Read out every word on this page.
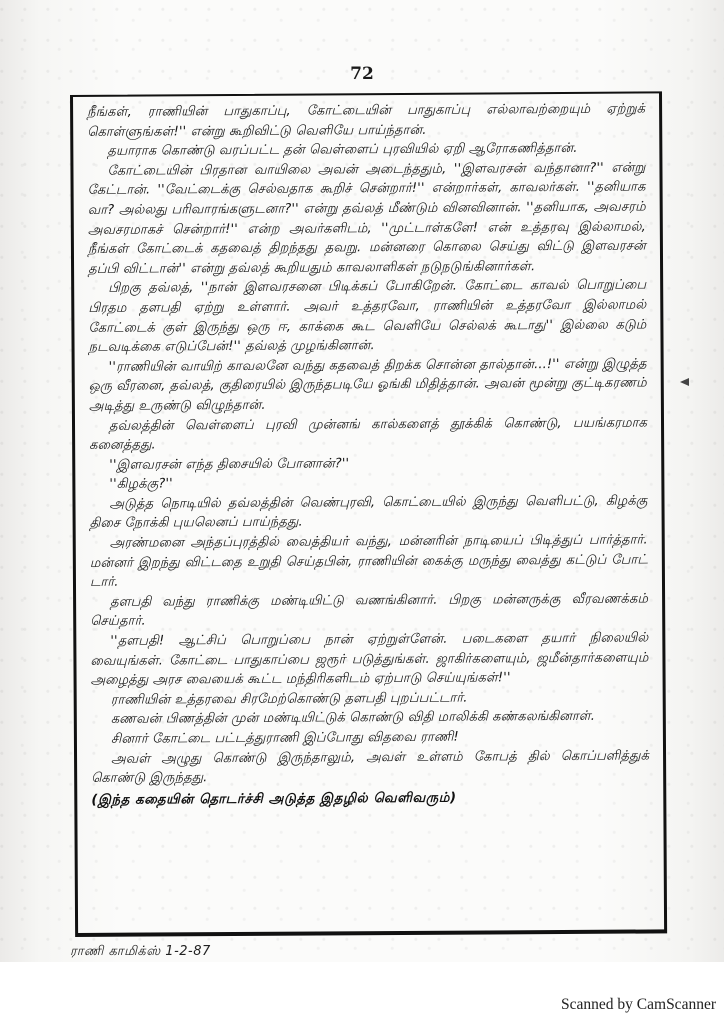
72

நீங்கள், ராணியின் பாதுகாப்பு, கோட்டையின் பாதுகாப்பு எல்லாவற்றையும் ஏற்றுக் கொள்ளுங்கள்!'' என்று கூறிவிட்டு வெளியே பாய்ந்தான்.

தயாராக கொண்டு வரப்பட்ட தன் வெள்ளைப் புரவியில் ஏறி ஆரோகணித்தான்.

கோட்டையின் பிரதான வாயிலை அவன் அடைந்ததும், ''இளவரசன் வந்தானா?'' என்று கேட்டான். ''வேட்டைக்கு செல்வதாக கூறிச் சென்றார்!'' என்றார்கள், காவலர்கள். ''தனியாக வா? அல்லது பரிவாரங்களுடனா?'' என்று தவ்லத் மீண்டும் வினவினான். ''தனியாக, அவசரம் அவசரமாகச் சென்றார்!'' என்ற அவர்களிடம், ''முட்டாள்களே! என் உத்தரவு இல்லாமல், நீங்கள் கோட்டைக் கதவைத் திறந்தது தவறு. மன்னரை கொலை செய்து விட்டு இளவரசன் தப்பி விட்டான்'' என்று தவ்லத் கூறியதும் காவலாளிகள் நடுநடுங்கினார்கள்.

பிறகு தவ்லத், ''நான் இளவரசனை பிடிக்கப் போகிறேன். கோட்டை காவல் பொறுப்பை பிரதம தளபதி ஏற்று உள்ளார். அவர் உத்தரவோ, ராணியின் உத்தரவோ இல்லாமல் கோட்டைக் குள் இருந்து ஒரு ஈ, காக்கை கூட வெளியே செல்லக் கூடாது'' இல்லை கடும் நடவடிக்கை எடுப்பேன்!'' தவ்லத் முழங்கினான்.

''ராணியின் வாயிற் காவலனே வந்து கதவைத் திறக்க சொன்ன தால்தான்...!'' என்று இழுத்த ஒரு வீரனை, தவ்லத், குதிரையில் இருந்தபடியே ஓங்கி மிதித்தான். அவன் மூன்று குட்டிகரணம் அடித்து உருண்டு விழுந்தான்.

தவ்லத்தின் வெள்ளைப் புரவி முன்னங் கால்களைத் தூக்கிக் கொண்டு, பயங்கரமாக கனைத்தது.

''இளவரசன் எந்த திசையில் போனான்?''

''கிழக்கு?''

அடுத்த நொடியில் தவ்லத்தின் வெண்புரவி, கொட்டையில் இருந்து வெளிபட்டு, கிழக்கு திசை நோக்கி புயலெனப் பாய்ந்தது.

அரண்மனை அந்தப்புரத்தில் வைத்தியர் வந்து, மன்னரின் நாடியைப் பிடித்துப் பார்த்தார். மன்னர் இறந்து விட்டதை உறுதி செய்தபின், ராணியின் கைக்கு மருந்து வைத்து கட்டுப் போட் டார்.

தளபதி வந்து ராணிக்கு மண்டியிட்டு வணங்கினார். பிறகு மன்னருக்கு வீரவணக்கம் செய்தார்.

''தளபதி! ஆட்சிப் பொறுப்பை நான் ஏற்றுள்ளேன். படைகளை தயார் நிலையில் வையுங்கள். கோட்டை பாதுகாப்பை ஜரூர் படுத்துங்கள். ஜாகிர்களையும், ஜமீன்தார்களையும் அழைத்து அரச வையைக் கூட்ட மந்திரிகளிடம் ஏற்பாடு செய்யுங்கள்!''

ராணியின் உத்தரவை சிரமேற்கொண்டு தளபதி புறப்பட்டார்.

கணவன் பிணத்தின் முன் மண்டியிட்டுக் கொண்டு விதி மாலிக்கி கண்கலங்கினாள்.

சினார் கோட்டை பட்டத்துராணி இப்போது விதவை ராணி!

அவள் அழுது கொண்டு இருந்தாலும், அவள் உள்ளம் கோபத் தில் கொப்பளித்துக் கொண்டு இருந்தது.

(இந்த கதையின் தொடர்ச்சி அடுத்த இதழில் வெளிவரும்)

ராணி காமிக்ஸ் 1-2-87
Scanned by CamScanner
